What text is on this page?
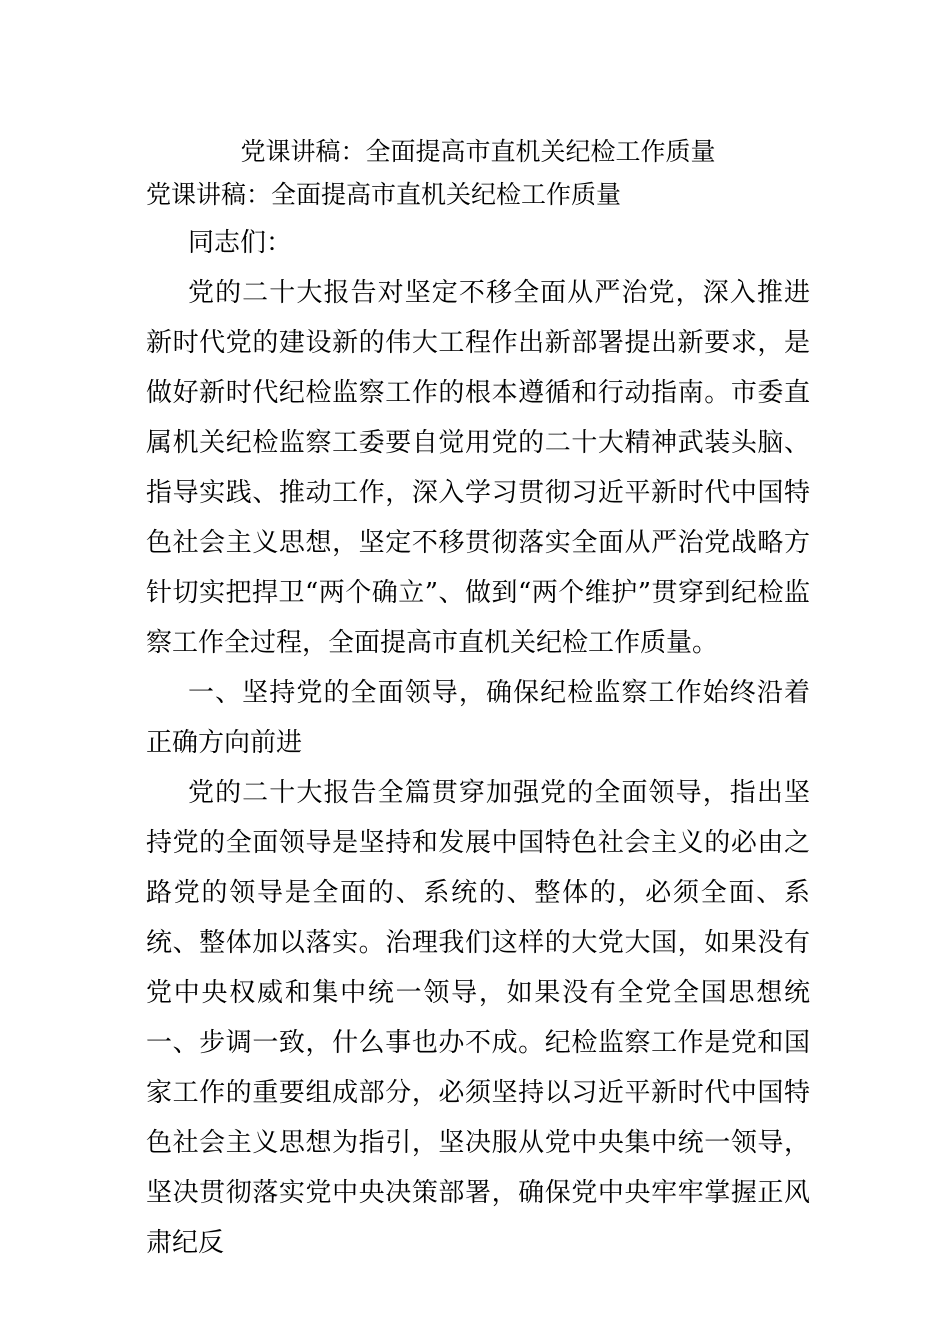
党课讲稿：全面提高市直机关纪检工作质量
党课讲稿：全面提高市直机关纪检工作质量

同志们：

党的二十大报告对坚定不移全面从严治党，深入推进新时代党的建设新的伟大工程作出新部署提出新要求，是做好新时代纪检监察工作的根本遵循和行动指南。市委直属机关纪检监察工委要自觉用党的二十大精神武装头脑、指导实践、推动工作，深入学习贯彻习近平新时代中国特色社会主义思想，坚定不移贯彻落实全面从严治党战略方针切实把捍卫“两个确立”、做到“两个维护”贯穿到纪检监察工作全过程，全面提高市直机关纪检工作质量。

一、坚持党的全面领导，确保纪检监察工作始终沿着正确方向前进

党的二十大报告全篇贯穿加强党的全面领导，指出坚持党的全面领导是坚持和发展中国特色社会主义的必由之路党的领导是全面的、系统的、整体的，必须全面、系统、整体加以落实。治理我们这样的大党大国，如果没有党中央权威和集中统一领导，如果没有全党全国思想统一、步调一致，什么事也办不成。纪检监察工作是党和国家工作的重要组成部分，必须坚持以习近平新时代中国特色社会主义思想为指引，坚决服从党中央集中统一领导，坚决贯彻落实党中央决策部署，确保党中央牢牢掌握正风肃纪反
